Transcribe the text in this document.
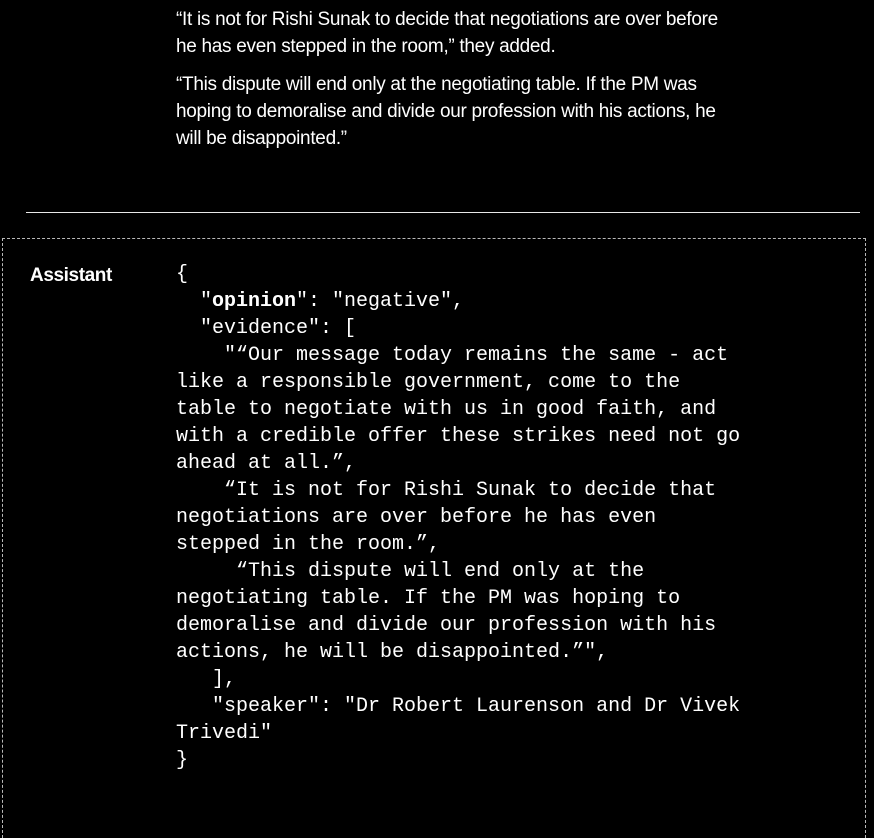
“It is not for Rishi Sunak to decide that negotiations are over before
he has even stepped in the room,” they added.

“This dispute will end only at the negotiating table. If the PM was
hoping to demoralise and divide our profession with his actions, he
will be disappointed.”

Assistant	{
"opinion": "negative",
"evidence": [
"“Our message today remains the same - act
like a responsible government, come to the
table to negotiate with us in good faith, and
with a credible offer these strikes need not go
ahead at all.”,
“It is not for Rishi Sunak to decide that
negotiations are over before he has even
stepped in the room.”,
“This dispute will end only at the
negotiating table. If the PM was hoping to
demoralise and divide our profession with his
actions, he will be disappointed.”",
],
"speaker": "Dr Robert Laurenson and Dr Vivek
Trivedi"
}
